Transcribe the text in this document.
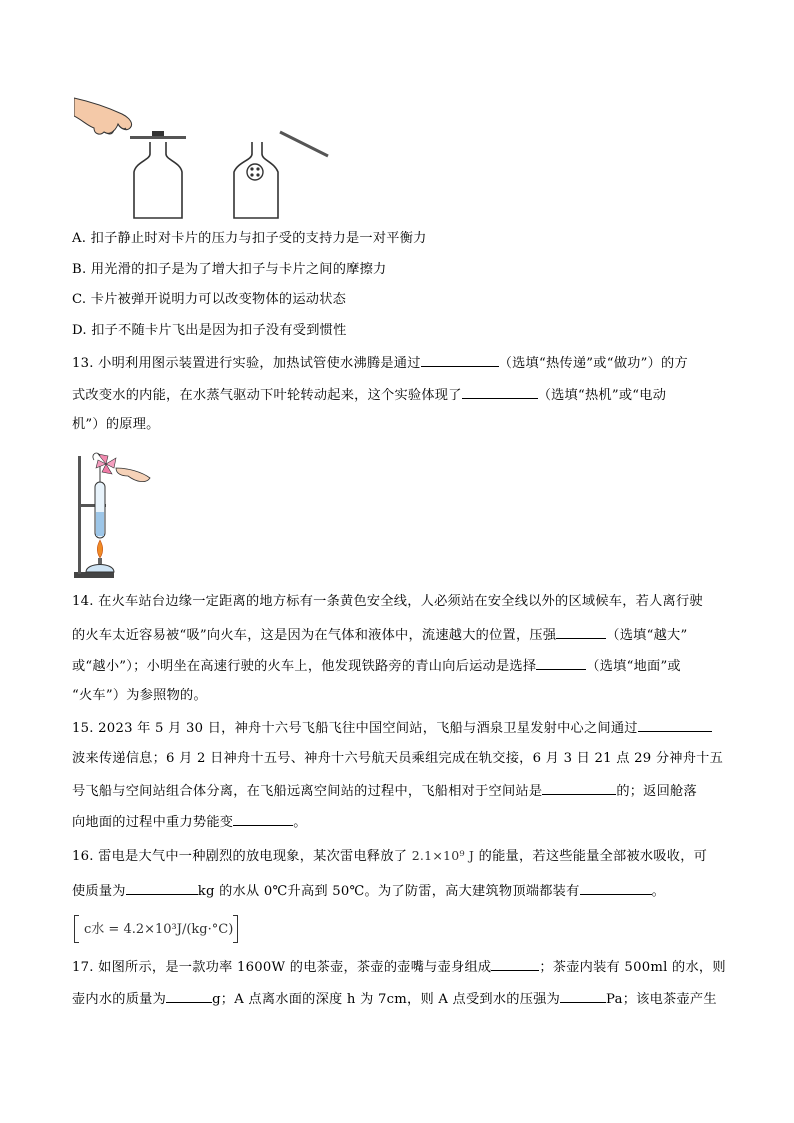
A. 扣子静止时对卡片的压力与扣子受的支持力是一对平衡力
B. 用光滑的扣子是为了增大扣子与卡片之间的摩擦力
C. 卡片被弹开说明力可以改变物体的运动状态
D. 扣子不随卡片飞出是因为扣子没有受到惯性
13. 小明利用图示装置进行实验，加热试管使水沸腾是通过	（选填“热传递”或“做功”）的方
式改变水的内能，在水蒸气驱动下叶轮转动起来，这个实验体现了	（选填“热机”或“电动
机”）的原理。
14. 在火车站台边缘一定距离的地方标有一条黄色安全线，人必须站在安全线以外的区域候车，若人离行驶
的火车太近容易被“吸”向火车，这是因为在气体和液体中，流速越大的位置，压强	（选填“越大”
或“越小”）；小明坐在高速行驶的火车上，他发现铁路旁的青山向后运动是选择	（选填“地面”或
“火车”）为参照物的。
15. 2023 年 5 月 30 日，神舟十六号飞船飞往中国空间站，飞船与酒泉卫星发射中心之间通过
波来传递信息；6 月 2 日神舟十五号、神舟十六号航天员乘组完成在轨交接，6 月 3 日 21 点 29 分神舟十五
号飞船与空间站组合体分离，在飞船远离空间站的过程中，飞船相对于空间站是	的；返回舱落
向地面的过程中重力势能变	。
16. 雷电是大气中一种剧烈的放电现象，某次雷电释放了 2.1×10⁹ J 的能量，若这些能量全部被水吸收，可
使质量为	kg 的水从 0℃升高到 50℃。为了防雷，高大建筑物顶端都装有	。
c水 = 4.2×10³J/(kg·°C)
17. 如图所示，是一款功率 1600W 的电茶壶，茶壶的壶嘴与壶身组成	；茶壶内装有 500ml 的水，则
壶内水的质量为	g；A 点离水面的深度 h 为 7cm，则 A 点受到水的压强为	Pa；该电茶壶产生
